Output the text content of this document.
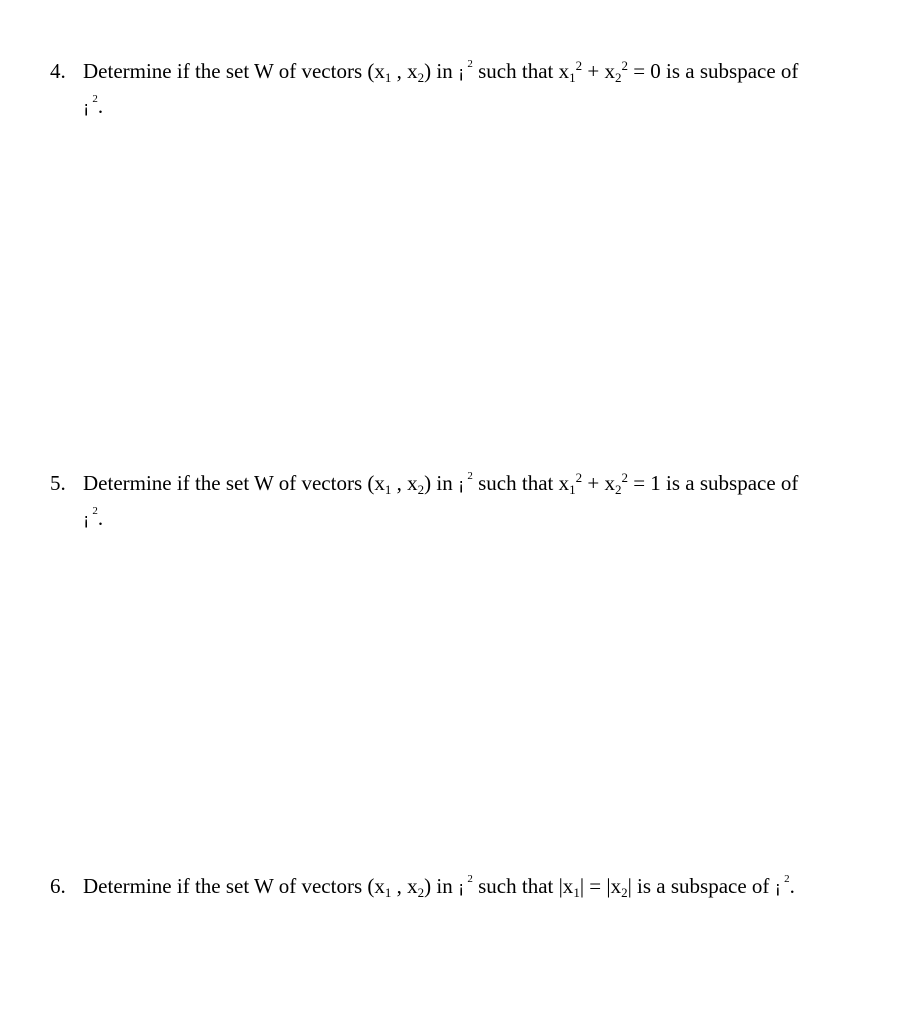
4. Determine if the set W of vectors ($x_1$ , $x_2$) in ¡ $^2$ such that $x_1^2 + x_2^2 = 0$ is a subspace of
¡ $^2$.
5. Determine if the set W of vectors ($x_1$ , $x_2$) in ¡ $^2$ such that $x_1^2 + x_2^2 = 1$ is a subspace of
¡ $^2$.
6. Determine if the set W of vectors ($x_1$ , $x_2$) in ¡ $^2$ such that $|x_1| = |x_2|$ is a subspace of ¡ $^2$.
